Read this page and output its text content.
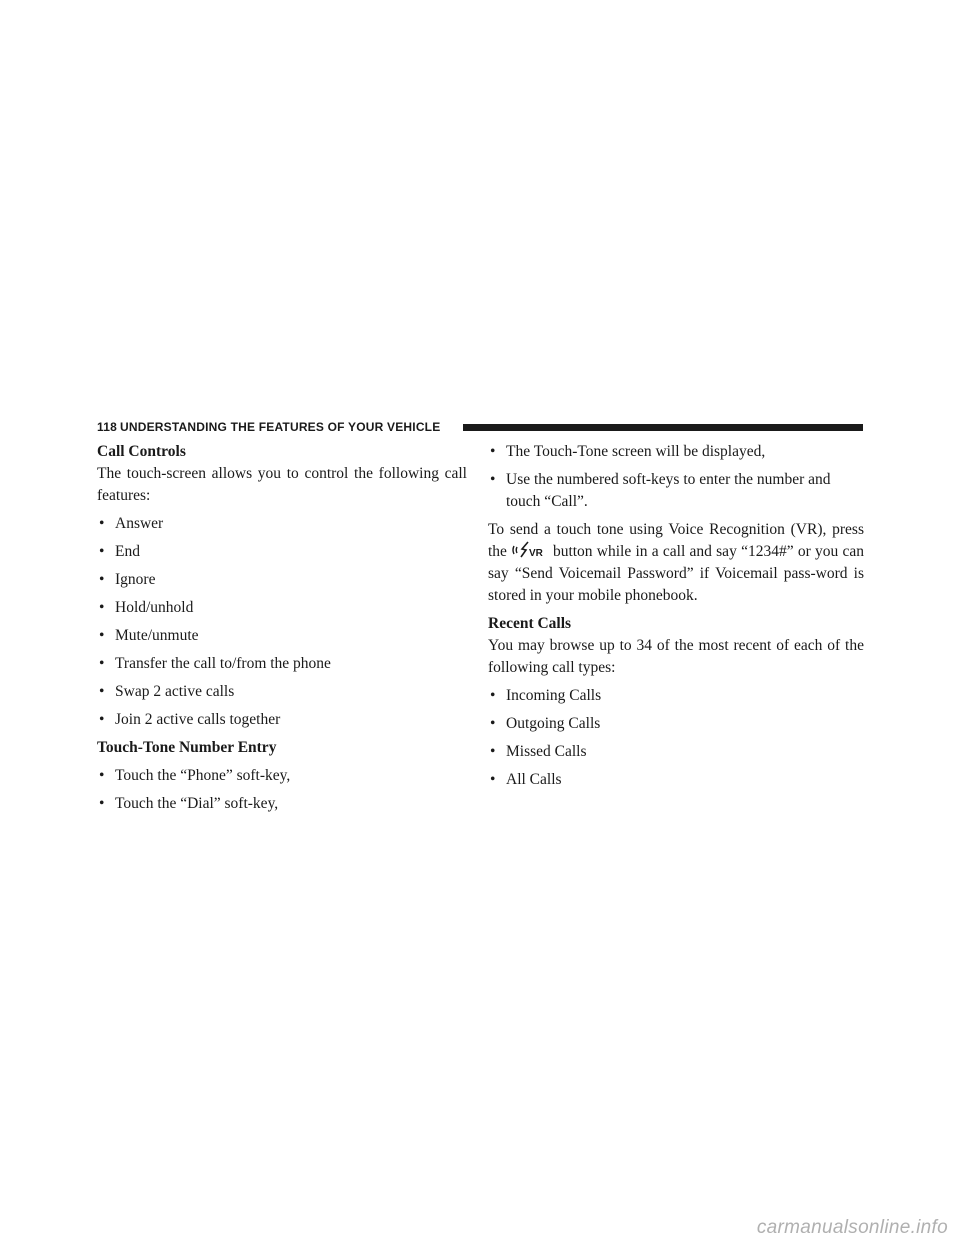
118 UNDERSTANDING THE FEATURES OF YOUR VEHICLE

Call Controls

The touch-screen allows you to control the following call features:

• Answer
• End
• Ignore
• Hold/unhold
• Mute/unmute
• Transfer the call to/from the phone
• Swap 2 active calls
• Join 2 active calls together

Touch-Tone Number Entry

• Touch the “Phone” soft-key,
• Touch the “Dial” soft-key,
• The Touch-Tone screen will be displayed,
• Use the numbered soft-keys to enter the number and touch “Call”.

To send a touch tone using Voice Recognition (VR), press the VR button while in a call and say “1234#” or you can say “Send Voicemail Password” if Voicemail pass-word is stored in your mobile phonebook.

Recent Calls

You may browse up to 34 of the most recent of each of the following call types:

• Incoming Calls
• Outgoing Calls
• Missed Calls
• All Calls
carmanualsonline.info
